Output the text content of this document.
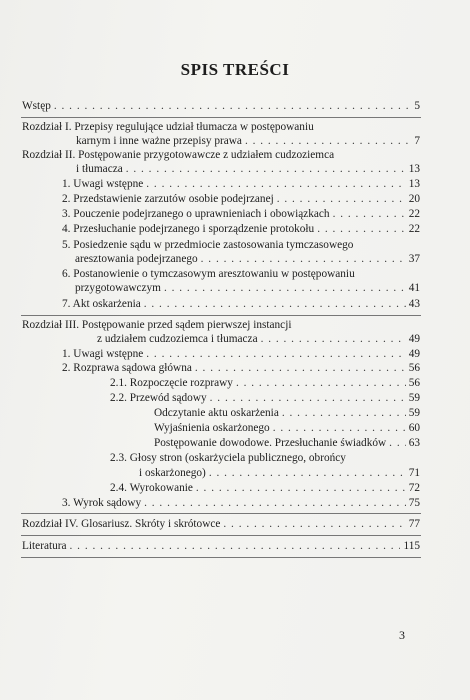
SPIS TREŚCI
Wstęp . . .	5
Rozdział I. Przepisy regulujące udział tłumacza w postępowaniu
karnym i inne ważne przepisy prawa . . .	7
Rozdział II. Postępowanie przygotowawcze z udziałem cudzoziemca
i tłumacza . . .	13
1. Uwagi wstępne . . .	13
2. Przedstawienie zarzutów osobie podejrzanej . . .	20
3. Pouczenie podejrzanego o uprawnieniach i obowiązkach . . .	22
4. Przesłuchanie podejrzanego i sporządzenie protokołu . . .	22
5. Posiedzenie sądu w przedmiocie zastosowania tymczasowego
aresztowania podejrzanego . . .	37
6. Postanowienie o tymczasowym aresztowaniu w postępowaniu
przygotowawczym . . .	41
7. Akt oskarżenia . . .	43
Rozdział III. Postępowanie przed sądem pierwszej instancji
z udziałem cudzoziemca i tłumacza . . .	49
1. Uwagi wstępne . . .	49
2. Rozprawa sądowa główna . . .	56
2.1. Rozpoczęcie rozprawy . . .	56
2.2. Przewód sądowy . . .	59
Odczytanie aktu oskarżenia . . .	59
Wyjaśnienia oskarżonego . . .	60
Postępowanie dowodowe. Przesłuchanie świadków . . . 63
2.3. Głosy stron (oskarżyciela publicznego, obrońcy
i oskarżonego) . . .	71
2.4. Wyrokowanie . . .	72
3. Wyrok sądowy . . .	75
Rozdział IV. Glosariusz. Skróty i skrótowce . . .	77
Literatura . . .	115
3
